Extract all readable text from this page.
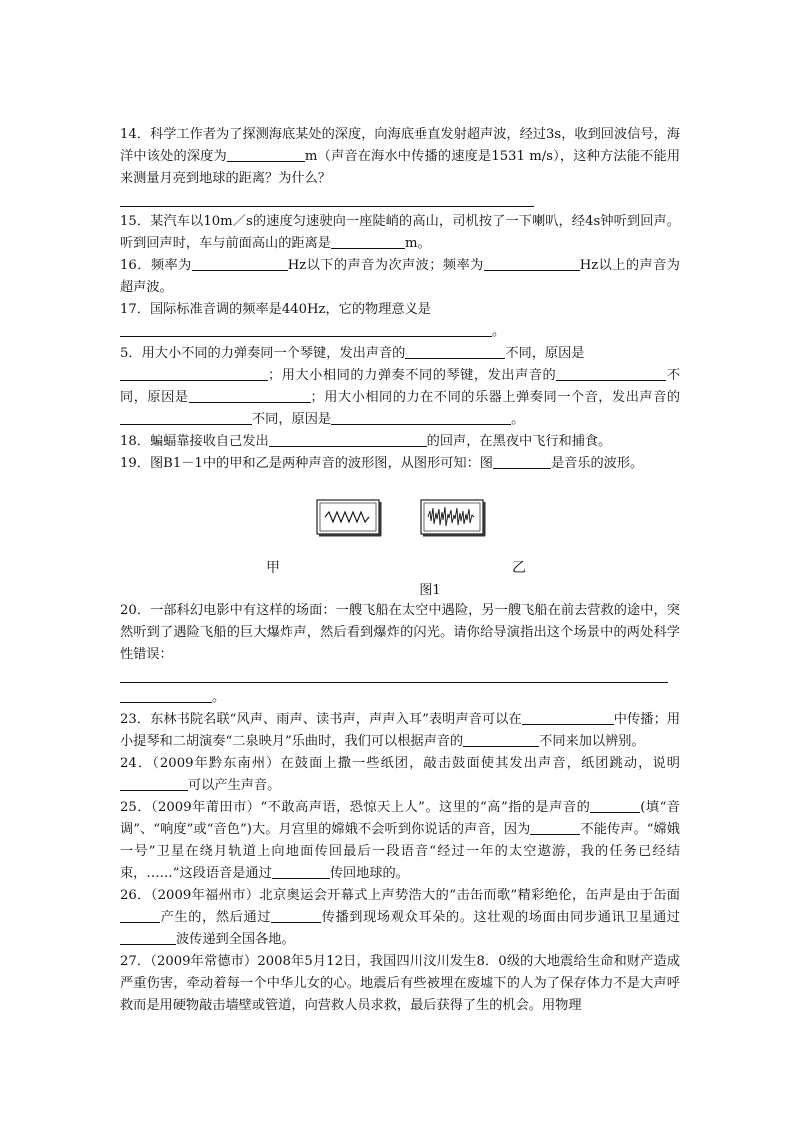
14．科学工作者为了探测海底某处的深度，向海底垂直发射超声波，经过3s，收到回波信号，海洋中该处的深度为	m（声音在海水中传播的速度是1531 m/s），这种方法能不能用来测量月亮到地球的距离？为什么？

15．某汽车以10m／s的速度匀速驶向一座陡峭的高山，司机按了一下喇叭，经4s钟听到回声。听到回声时，车与前面高山的距离是	m。

16．频率为	Hz以下的声音为次声波；频率为	Hz以上的声音为超声波。

17．国际标准音调的频率是440Hz，它的物理意义是
。

5．用大小不同的力弹奏同一个琴键，发出声音的	不同，原因是
；用大小相同的力弹奏不同的琴键，发出声音的	不同，原因是	；用大小相同的力在不同的乐器上弹奏同一个音，发出声音的不同，原因是	。

18．蝙蝠靠接收自己发出	的回声，在黑夜中飞行和捕食。

19．图B1－1中的甲和乙是两种声音的波形图，从图形可知：图	是音乐的波形。

甲	乙

图1

20．一部科幻电影中有这样的场面：一艘飞船在太空中遇险，另一艘飞船在前去营救的途中，突然听到了遇险飞船的巨大爆炸声，然后看到爆炸的闪光。请你给导演指出这个场景中的两处科学性错误：

。

23．东林书院名联“风声、雨声、读书声，声声入耳”表明声音可以在	中传播；用小提琴和二胡演奏“二泉映月”乐曲时，我们可以根据声音的	不同来加以辨别。

24．（2009年黔东南州）在鼓面上撒一些纸团，敲击鼓面使其发出声音，纸团跳动，说明可以产生声音。

25．（2009年莆田市）“不敢高声语，恐惊天上人”。这里的“高”指的是声音的	(填“音调”、“响度”或“音色”)大。月宫里的嫦娥不会听到你说话的声音，因为	不能传声。“嫦娥一号”卫星在绕月轨道上向地面传回最后一段语音“经过一年的太空遨游，我的任务已经结束，……”这段语音是通过	传回地球的。

26．（2009年福州市）北京奥运会开幕式上声势浩大的“击缶而歌”精彩绝伦，缶声是由于缶面产生的，然后通过	传播到现场观众耳朵的。这壮观的场面由同步通讯卫星通过波传递到全国各地。

27．（2009年常德市）2008年5月12日，我国四川汶川发生8．0级的大地震给生命和财产造成严重伤害，牵动着每一个中华儿女的心。地震后有些被埋在废墟下的人为了保存体力不是大声呼救而是用硬物敲击墙壁或管道，向营救人员求救，最后获得了生的机会。用物理
